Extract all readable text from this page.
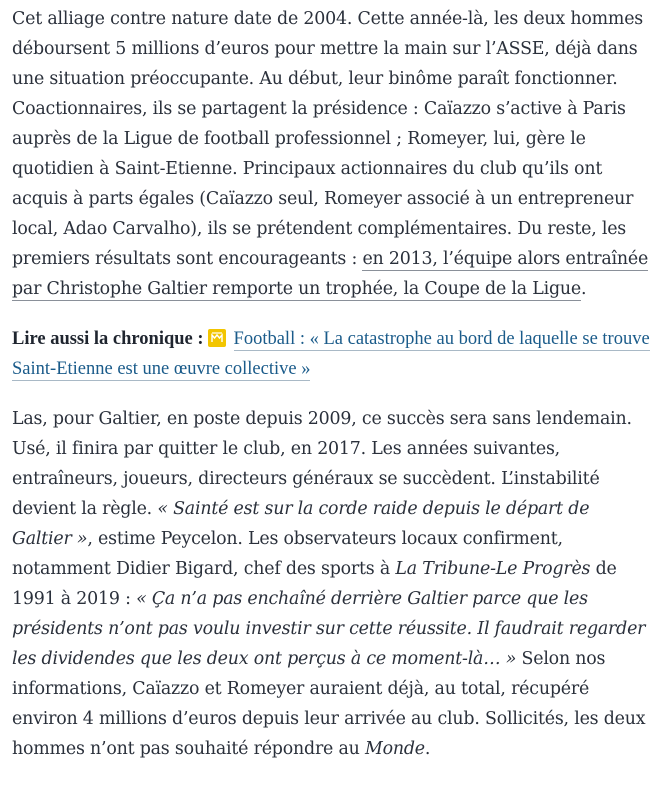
Cet alliage contre nature date de 2004. Cette année-là, les deux hommes déboursent 5 millions d’euros pour mettre la main sur l’ASSE, déjà dans une situation préoccupante. Au début, leur binôme paraît fonctionner. Coactionnaires, ils se partagent la présidence : Caïazzo s’active à Paris auprès de la Ligue de football professionnel ; Romeyer, lui, gère le quotidien à Saint-Etienne. Principaux actionnaires du club qu’ils ont acquis à parts égales (Caïazzo seul, Romeyer associé à un entrepreneur local, Adao Carvalho), ils se prétendent complémentaires. Du reste, les premiers résultats sont encourageants : en 2013, l’équipe alors entraînée par Christophe Galtier remporte un trophée, la Coupe de la Ligue.

Lire aussi la chronique : Football : « La catastrophe au bord de laquelle se trouve Saint-Etienne est une œuvre collective »

Las, pour Galtier, en poste depuis 2009, ce succès sera sans lendemain. Usé, il finira par quitter le club, en 2017. Les années suivantes, entraîneurs, joueurs, directeurs généraux se succèdent. L’instabilité devient la règle. « Sainté est sur la corde raide depuis le départ de Galtier », estime Peycelon. Les observateurs locaux confirment, notamment Didier Bigard, chef des sports à La Tribune-Le Progrès de 1991 à 2019 : « Ça n’a pas enchaîné derrière Galtier parce que les présidents n’ont pas voulu investir sur cette réussite. Il faudrait regarder les dividendes que les deux ont perçus à ce moment-là… » Selon nos informations, Caïazzo et Romeyer auraient déjà, au total, récupéré environ 4 millions d’euros depuis leur arrivée au club. Sollicités, les deux hommes n’ont pas souhaité répondre au Monde.
